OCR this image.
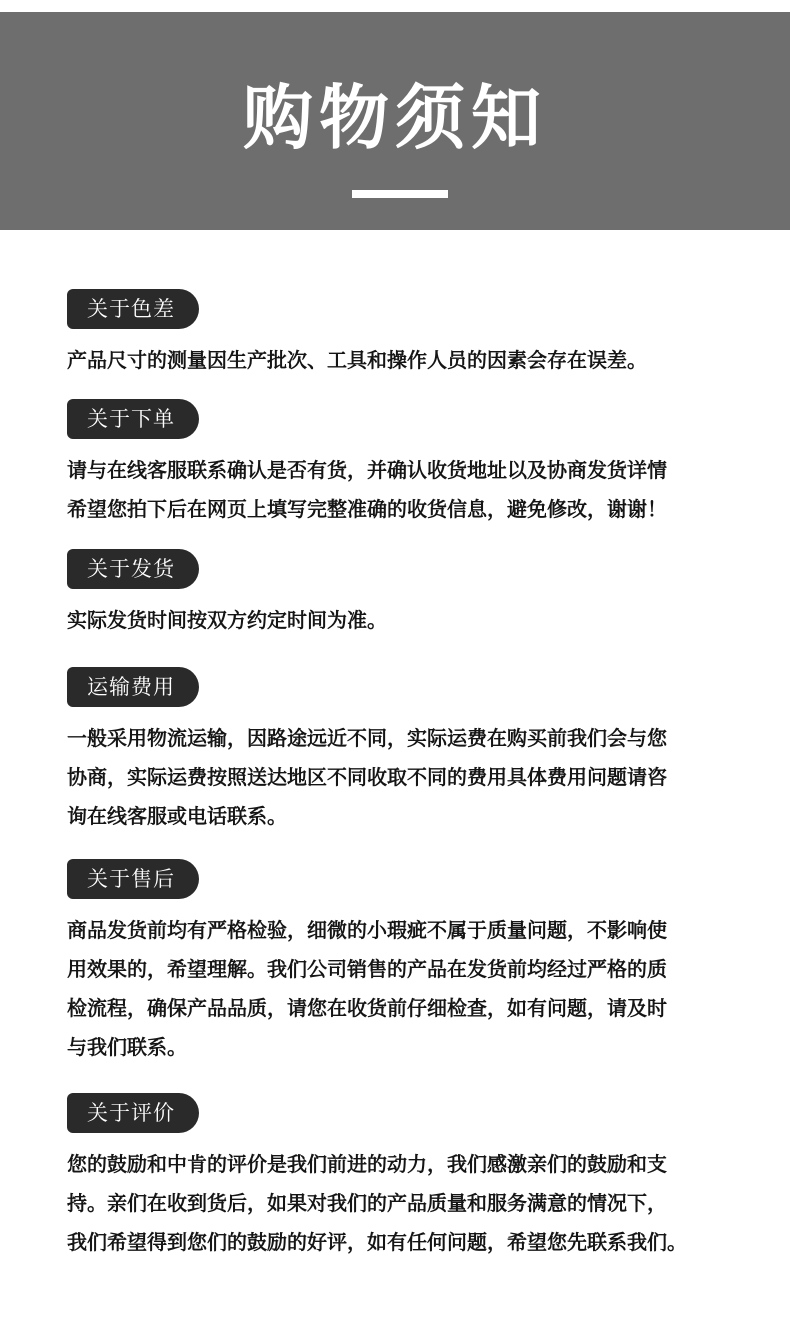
购物须知
关于色差

产品尺寸的测量因生产批次、工具和操作人员的因素会存在误差。

关于下单

请与在线客服联系确认是否有货，并确认收货地址以及协商发货详情
希望您拍下后在网页上填写完整准确的收货信息，避免修改，谢谢！

关于发货

实际发货时间按双方约定时间为准。

运输费用

一般采用物流运输，因路途远近不同，实际运费在购买前我们会与您
协商，实际运费按照送达地区不同收取不同的费用具体费用问题请咨
询在线客服或电话联系。

关于售后

商品发货前均有严格检验，细微的小瑕疵不属于质量问题，不影响使
用效果的，希望理解。我们公司销售的产品在发货前均经过严格的质
检流程，确保产品品质，请您在收货前仔细检查，如有问题，请及时
与我们联系。

关于评价

您的鼓励和中肯的评价是我们前进的动力，我们感激亲们的鼓励和支
持。亲们在收到货后，如果对我们的产品质量和服务满意的情况下，
我们希望得到您们的鼓励的好评，如有任何问题，希望您先联系我们。
